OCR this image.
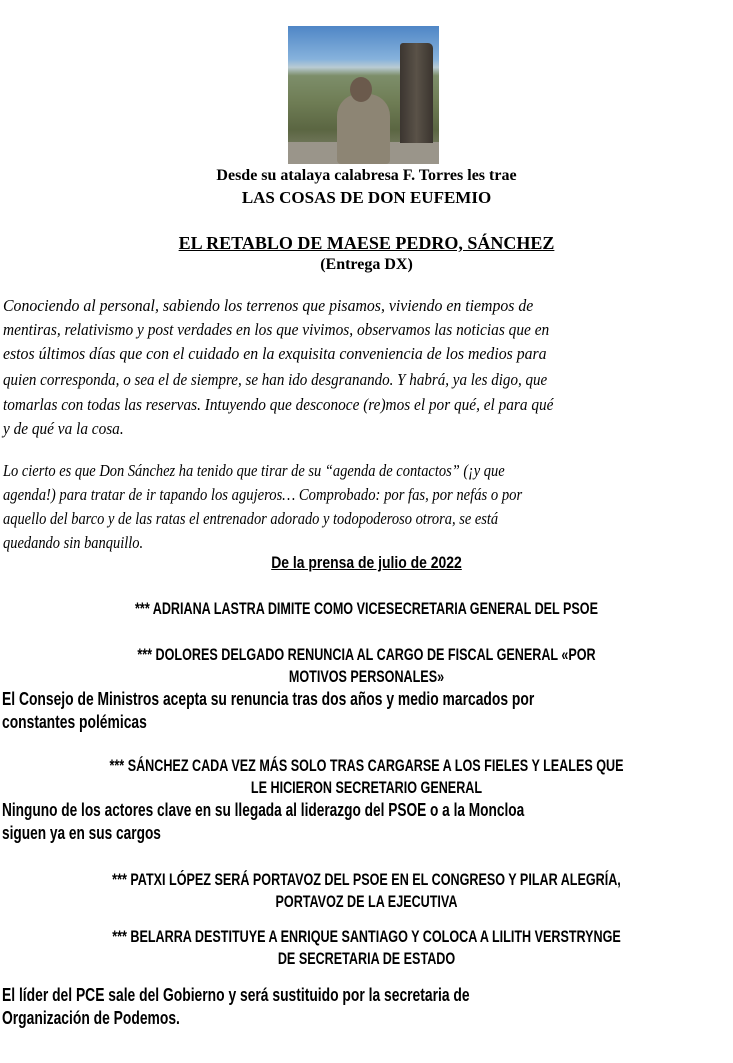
Desde su atalaya calabresa F. Torres les trae
LAS COSAS DE DON EUFEMIO
EL RETABLO DE MAESE PEDRO, SÁNCHEZ
(Entrega DX)
Conociendo al personal, sabiendo los terrenos que pisamos, viviendo en tiempos de
mentiras, relativismo y post verdades en los que vivimos, observamos las noticias que en
estos últimos días que con el cuidado en la exquisita conveniencia de los medios para
quien corresponda, o sea el de siempre, se han ido desgranando. Y habrá, ya les digo, que
tomarlas con todas las reservas. Intuyendo que desconoce (re)mos el por qué, el para qué
y de qué va la cosa.
Lo cierto es que Don Sánchez ha tenido que tirar de su “agenda de contactos” (¡y que
agenda!) para tratar de ir tapando los agujeros… Comprobado: por fas, por nefás o por
aquello del barco y de las ratas el entrenador adorado y todopoderoso otrora, se está
quedando sin banquillo.
De la prensa de julio de 2022
*** ADRIANA LASTRA DIMITE COMO VICESECRETARIA GENERAL DEL PSOE
*** DOLORES DELGADO RENUNCIA AL CARGO DE FISCAL GENERAL «POR
MOTIVOS PERSONALES»
El Consejo de Ministros acepta su renuncia tras dos años y medio marcados por
constantes polémicas
*** SÁNCHEZ CADA VEZ MÁS SOLO TRAS CARGARSE A LOS FIELES Y LEALES QUE
LE HICIERON SECRETARIO GENERAL
Ninguno de los actores clave en su llegada al liderazgo del PSOE o a la Moncloa
siguen ya en sus cargos
*** PATXI LÓPEZ SERÁ PORTAVOZ DEL PSOE EN EL CONGRESO Y PILAR ALEGRÍA,
PORTAVOZ DE LA EJECUTIVA
*** BELARRA DESTITUYE A ENRIQUE SANTIAGO Y COLOCA A LILITH VERSTRYNGE
DE SECRETARIA DE ESTADO
El líder del PCE sale del Gobierno y será sustituido por la secretaria de
Organización de Podemos.
